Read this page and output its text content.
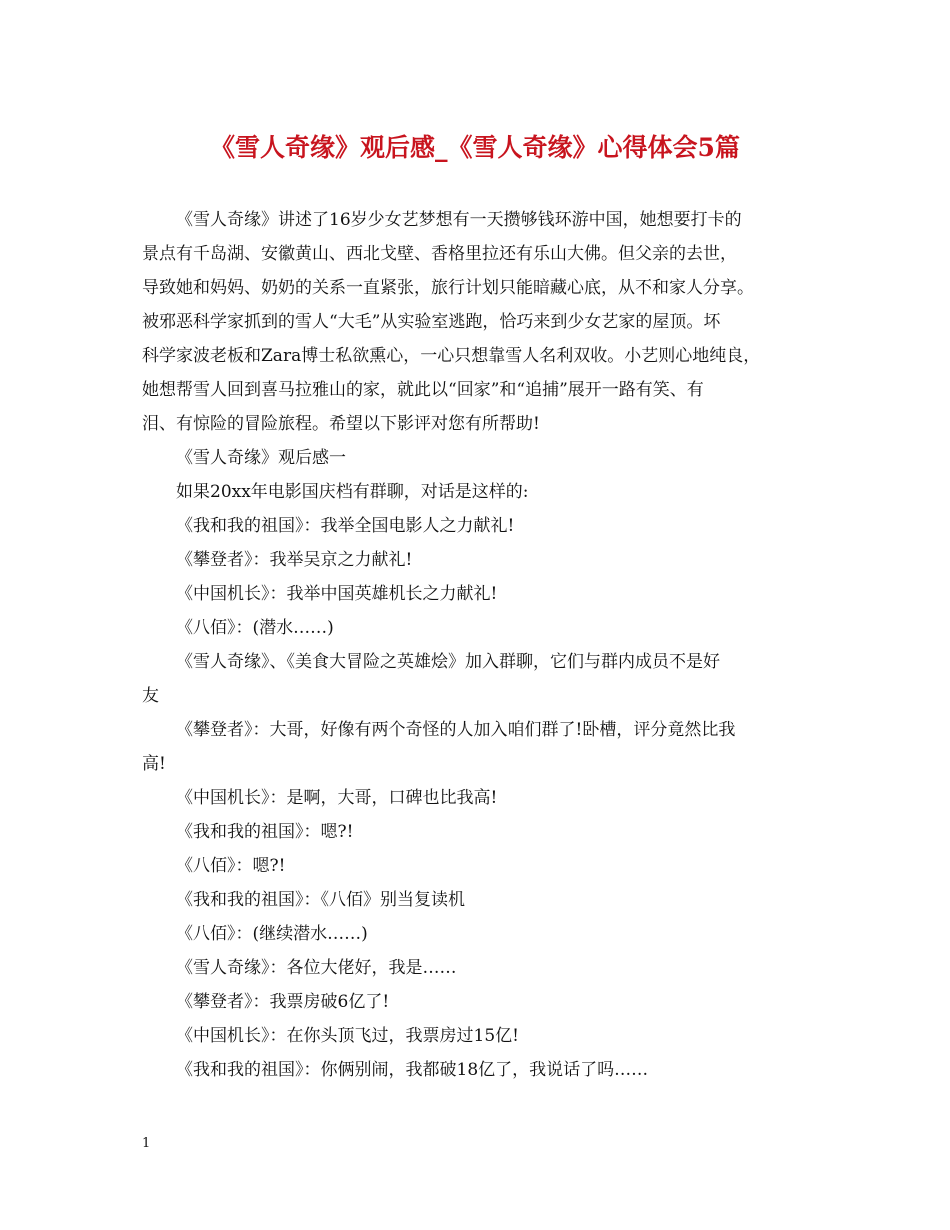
《雪人奇缘》观后感_《雪人奇缘》心得体会5篇
《雪人奇缘》讲述了16岁少女艺梦想有一天攒够钱环游中国，她想要打卡的
景点有千岛湖、安徽黄山、西北戈壁、香格里拉还有乐山大佛。但父亲的去世，
导致她和妈妈、奶奶的关系一直紧张，旅行计划只能暗藏心底，从不和家人分享。
被邪恶科学家抓到的雪人“大毛”从实验室逃跑，恰巧来到少女艺家的屋顶。坏
科学家波老板和Zara博士私欲熏心，一心只想靠雪人名利双收。小艺则心地纯良，
她想帮雪人回到喜马拉雅山的家，就此以“回家”和“追捕”展开一路有笑、有
泪、有惊险的冒险旅程。希望以下影评对您有所帮助!
《雪人奇缘》观后感一
如果20xx年电影国庆档有群聊，对话是这样的:
《我和我的祖国》：我举全国电影人之力献礼!
《攀登者》：我举吴京之力献礼!
《中国机长》：我举中国英雄机长之力献礼!
《八佰》：(潜水……)
《雪人奇缘》、《美食大冒险之英雄烩》加入群聊，它们与群内成员不是好
友
《攀登者》：大哥，好像有两个奇怪的人加入咱们群了!卧槽，评分竟然比我
高!
《中国机长》：是啊，大哥，口碑也比我高!
《我和我的祖国》：嗯?!
《八佰》：嗯?!
《我和我的祖国》：《八佰》别当复读机
《八佰》：(继续潜水……)
《雪人奇缘》：各位大佬好，我是……
《攀登者》：我票房破6亿了!
《中国机长》：在你头顶飞过，我票房过15亿!
《我和我的祖国》：你俩别闹，我都破18亿了，我说话了吗……
1
